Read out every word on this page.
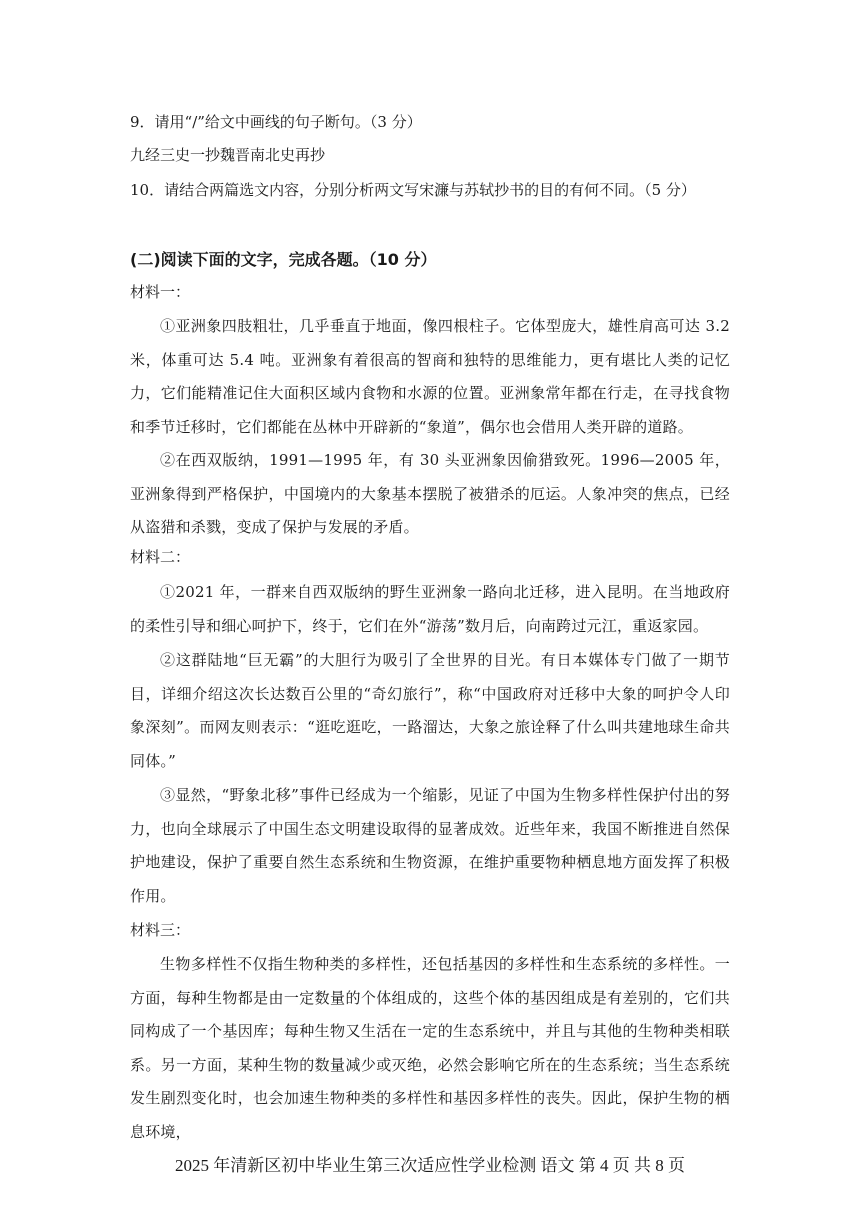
9．请用“/”给文中画线的句子断句。（3 分）
九经三史一抄魏晋南北史再抄
10．请结合两篇选文内容，分别分析两文写宋濂与苏轼抄书的目的有何不同。（5 分）
(二)阅读下面的文字，完成各题。（10 分）
材料一：
①亚洲象四肢粗壮，几乎垂直于地面，像四根柱子。它体型庞大，雄性肩高可达 3.2 米，体重可达 5.4 吨。亚洲象有着很高的智商和独特的思维能力，更有堪比人类的记忆力，它们能精准记住大面积区域内食物和水源的位置。亚洲象常年都在行走，在寻找食物和季节迁移时，它们都能在丛林中开辟新的“象道”，偶尔也会借用人类开辟的道路。
②在西双版纳，1991—1995 年，有 30 头亚洲象因偷猎致死。1996—2005 年，亚洲象得到严格保护，中国境内的大象基本摆脱了被猎杀的厄运。人象冲突的焦点，已经从盗猎和杀戮，变成了保护与发展的矛盾。
材料二：
①2021 年，一群来自西双版纳的野生亚洲象一路向北迁移，进入昆明。在当地政府的柔性引导和细心呵护下，终于，它们在外“游荡”数月后，向南跨过元江，重返家园。
②这群陆地“巨无霸”的大胆行为吸引了全世界的目光。有日本媒体专门做了一期节目，详细介绍这次长达数百公里的“奇幻旅行”，称“中国政府对迁移中大象的呵护令人印象深刻”。而网友则表示：“逛吃逛吃，一路溜达，大象之旅诠释了什么叫共建地球生命共同体。”
③显然，“野象北移”事件已经成为一个缩影，见证了中国为生物多样性保护付出的努力，也向全球展示了中国生态文明建设取得的显著成效。近些年来，我国不断推进自然保护地建设，保护了重要自然生态系统和生物资源，在维护重要物种栖息地方面发挥了积极作用。
材料三：
生物多样性不仅指生物种类的多样性，还包括基因的多样性和生态系统的多样性。一方面，每种生物都是由一定数量的个体组成的，这些个体的基因组成是有差别的，它们共同构成了一个基因库；每种生物又生活在一定的生态系统中，并且与其他的生物种类相联系。另一方面，某种生物的数量减少或灭绝，必然会影响它所在的生态系统；当生态系统发生剧烈变化时，也会加速生物种类的多样性和基因多样性的丧失。因此，保护生物的栖息环境，
2025 年清新区初中毕业生第三次适应性学业检测 语文 第 4 页 共 8 页
